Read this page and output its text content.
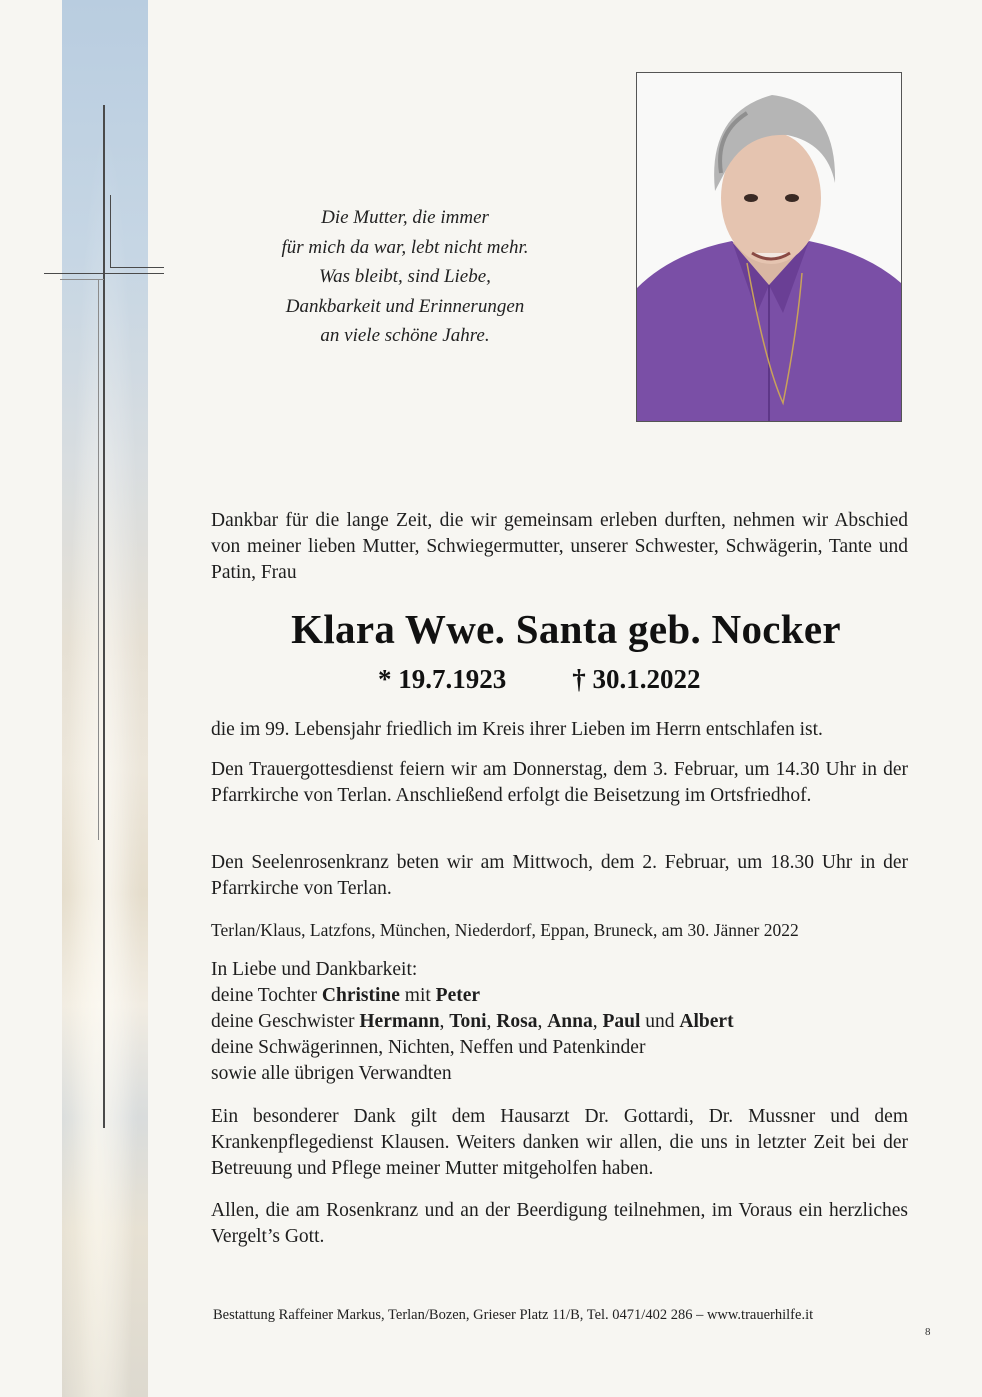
Die Mutter, die immer
für mich da war, lebt nicht mehr.
Was bleibt, sind Liebe,
Dankbarkeit und Erinnerungen
an viele schöne Jahre.
Dankbar für die lange Zeit, die wir gemeinsam erleben durften, nehmen wir Abschied von meiner lieben Mutter, Schwiegermutter, unserer Schwester, Schwägerin, Tante und Patin, Frau
Klara Wwe. Santa geb. Nocker
* 19.7.1923 † 30.1.2022
die im 99. Lebensjahr friedlich im Kreis ihrer Lieben im Herrn entschlafen ist.
Den Trauergottesdienst feiern wir am Donnerstag, dem 3. Februar, um 14.30 Uhr in der Pfarrkirche von Terlan. Anschließend erfolgt die Beisetzung im Ortsfriedhof.
Den Seelenrosenkranz beten wir am Mittwoch, dem 2. Februar, um 18.30 Uhr in der Pfarrkirche von Terlan.
Terlan/Klaus, Latzfons, München, Niederdorf, Eppan, Bruneck, am 30. Jänner 2022
In Liebe und Dankbarkeit:
deine Tochter Christine mit Peter
deine Geschwister Hermann, Toni, Rosa, Anna, Paul und Albert
deine Schwägerinnen, Nichten, Neffen und Patenkinder
sowie alle übrigen Verwandten
Ein besonderer Dank gilt dem Hausarzt Dr. Gottardi, Dr. Mussner und dem Krankenpflegedienst Klausen. Weiters danken wir allen, die uns in letzter Zeit bei der Betreuung und Pflege meiner Mutter mitgeholfen haben.
Allen, die am Rosenkranz und an der Beerdigung teilnehmen, im Voraus ein herzliches Vergelt’s Gott.
Bestattung Raffeiner Markus, Terlan/Bozen, Grieser Platz 11/B, Tel. 0471/402 286 – www.trauerhilfe.it
8
